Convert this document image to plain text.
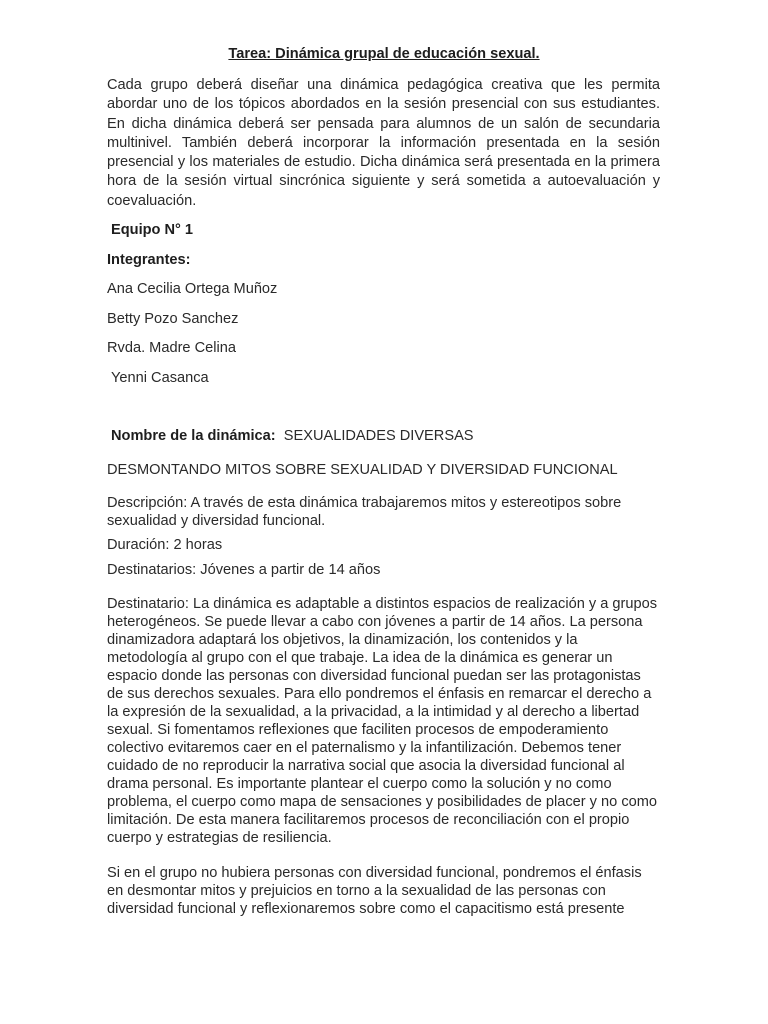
Tarea: Dinámica grupal de educación sexual.

Cada grupo deberá diseñar una dinámica pedagógica creativa que les permita abordar uno de los tópicos abordados en la sesión presencial con sus estudiantes. En dicha dinámica deberá ser pensada para alumnos de un salón de secundaria multinivel. También deberá incorporar la información presentada en la sesión presencial y los materiales de estudio. Dicha dinámica será presentada en la primera hora de la sesión virtual sincrónica siguiente y será sometida a autoevaluación y coevaluación.

Equipo N° 1

Integrantes:

Ana Cecilia Ortega Muñoz

Betty Pozo Sanchez

Rvda. Madre Celina

Yenni Casanca

Nombre de la dinámica: SEXUALIDADES DIVERSAS

DESMONTANDO MITOS SOBRE SEXUALIDAD Y DIVERSIDAD FUNCIONAL

Descripción: A través de esta dinámica trabajaremos mitos y estereotipos sobre sexualidad y diversidad funcional.

Duración: 2 horas

Destinatarios: Jóvenes a partir de 14 años

Destinatario: La dinámica es adaptable a distintos espacios de realización y a grupos heterogéneos. Se puede llevar a cabo con jóvenes a partir de 14 años. La persona dinamizadora adaptará los objetivos, la dinamización, los contenidos y la metodología al grupo con el que trabaje. La idea de la dinámica es generar un espacio donde las personas con diversidad funcional puedan ser las protagonistas de sus derechos sexuales. Para ello pondremos el énfasis en remarcar el derecho a la expresión de la sexualidad, a la privacidad, a la intimidad y al derecho a libertad sexual. Si fomentamos reflexiones que faciliten procesos de empoderamiento colectivo evitaremos caer en el paternalismo y la infantilización. Debemos tener cuidado de no reproducir la narrativa social que asocia la diversidad funcional al drama personal. Es importante plantear el cuerpo como la solución y no como problema, el cuerpo como mapa de sensaciones y posibilidades de placer y no como limitación. De esta manera facilitaremos procesos de reconciliación con el propio cuerpo y estrategias de resiliencia.

Si en el grupo no hubiera personas con diversidad funcional, pondremos el énfasis en desmontar mitos y prejuicios en torno a la sexualidad de las personas con diversidad funcional y reflexionaremos sobre como el capacitismo está presente
